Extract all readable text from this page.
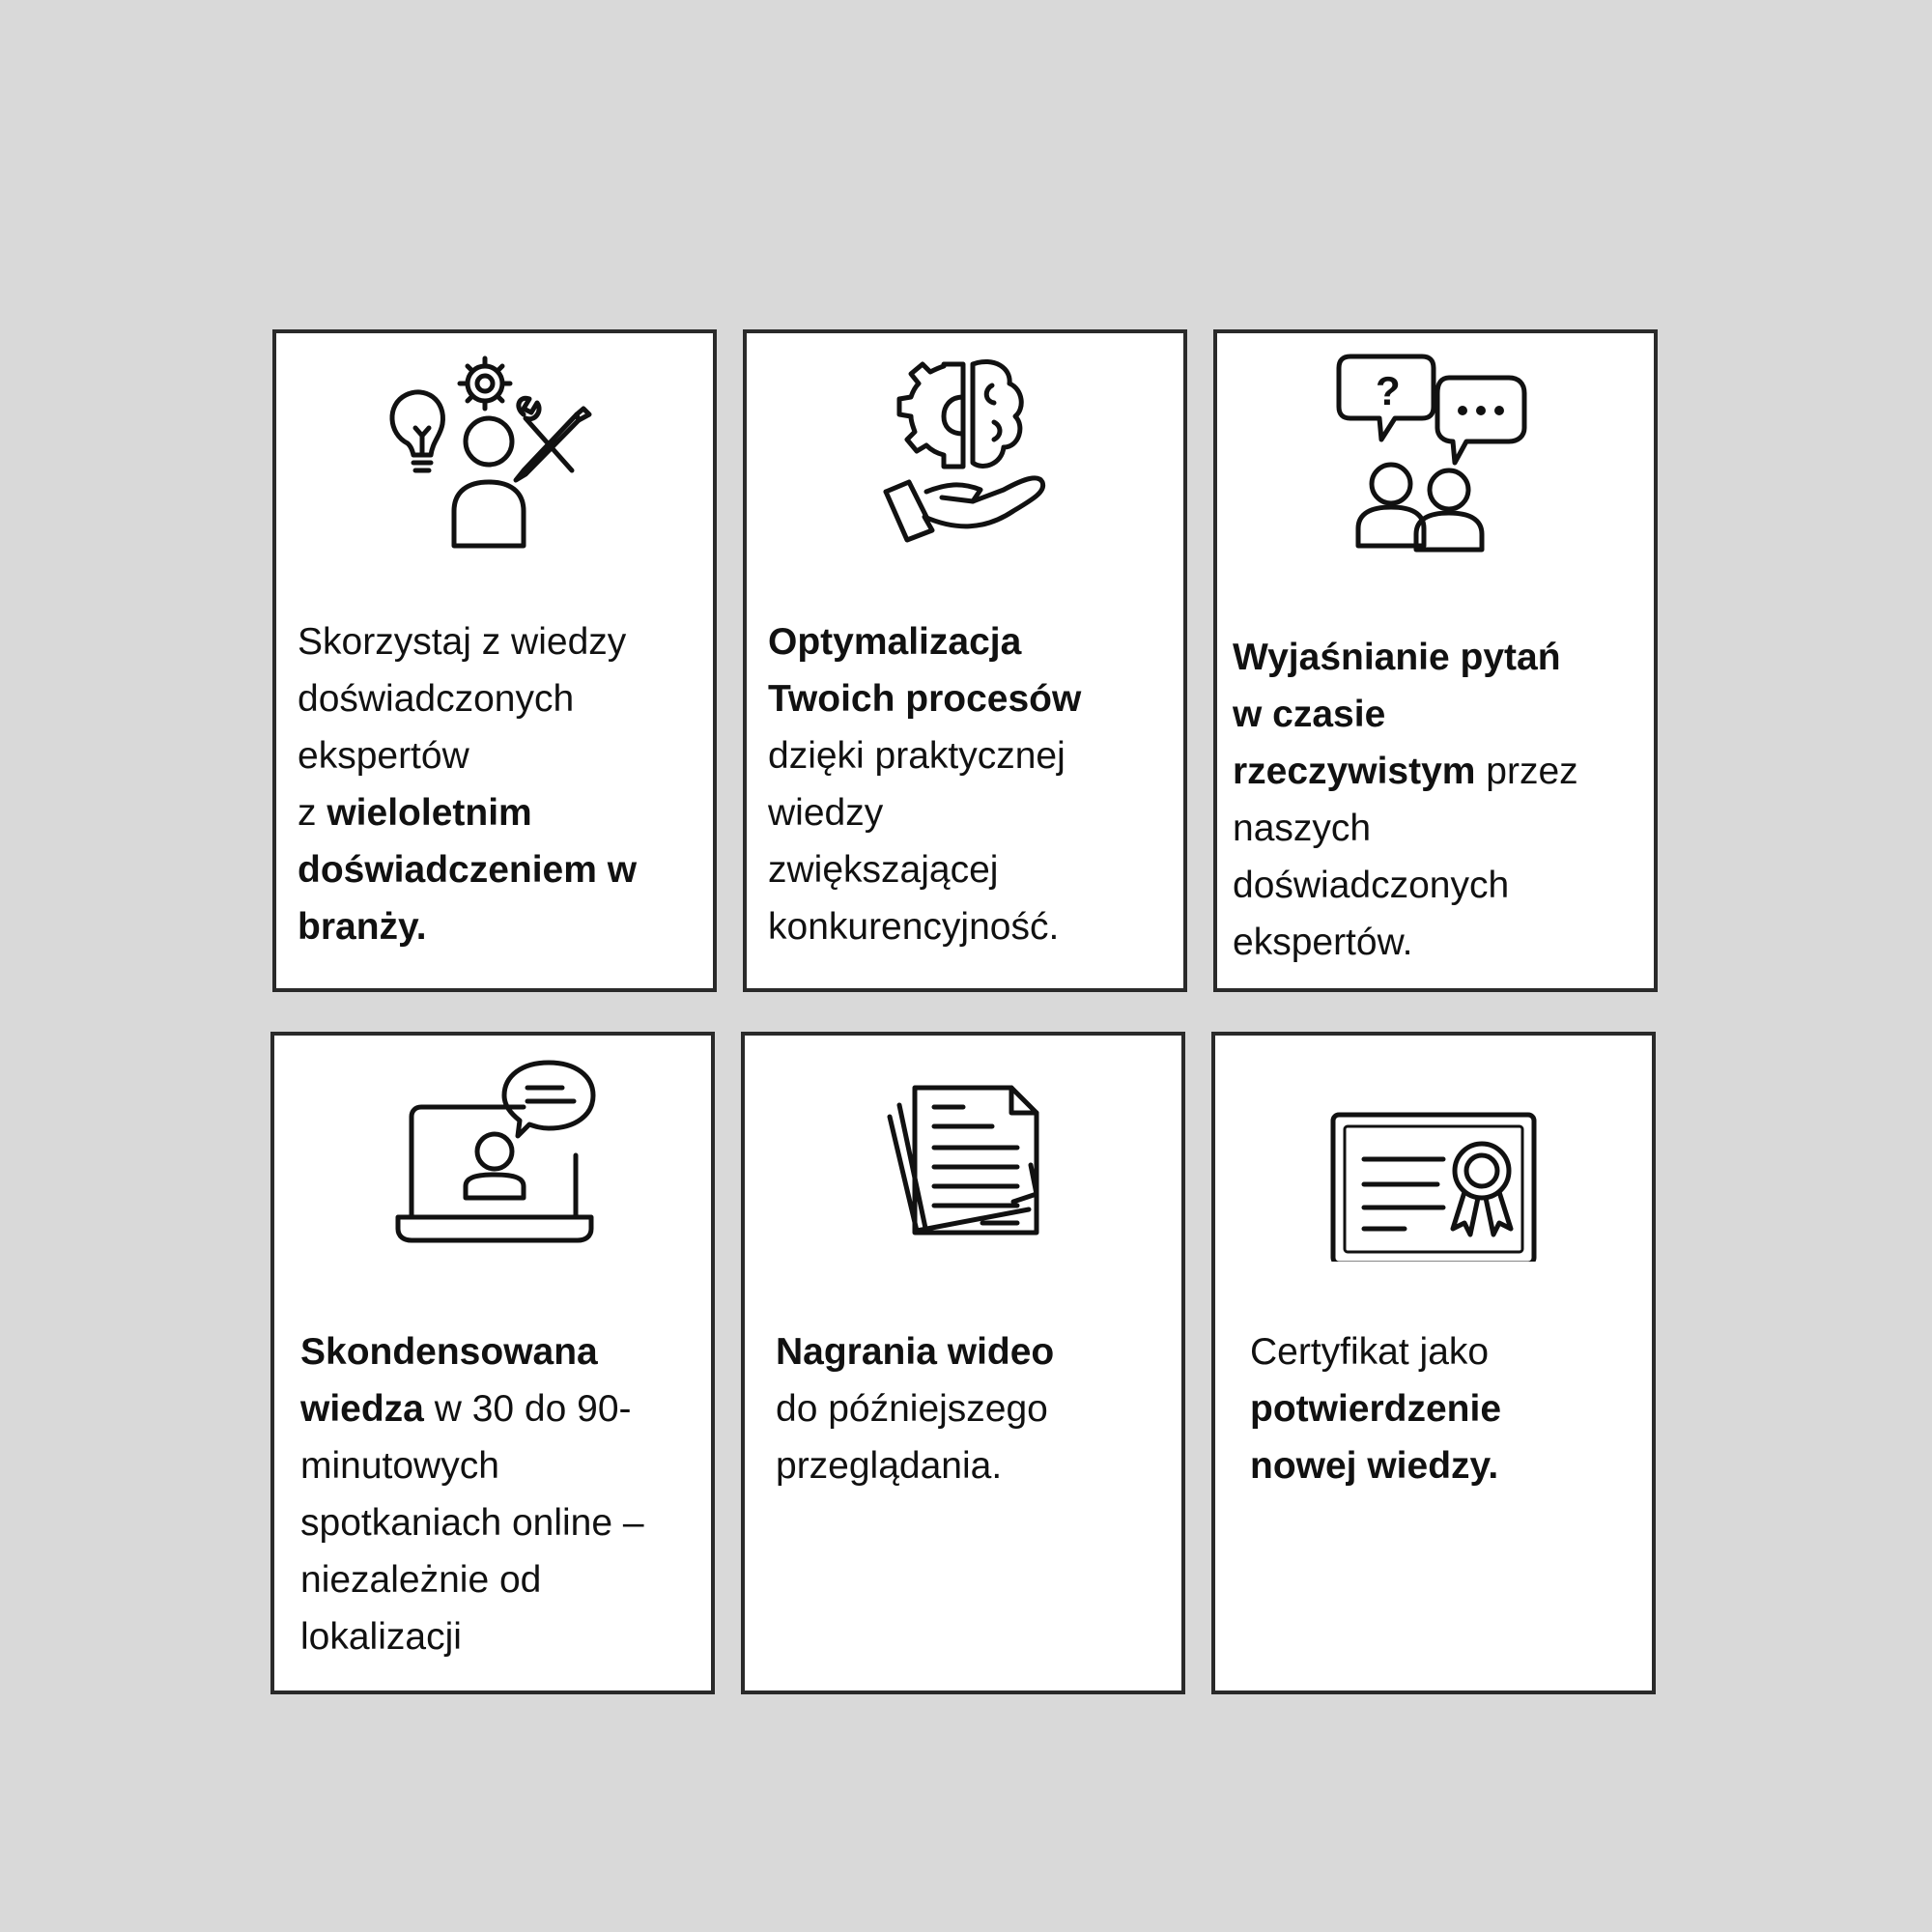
Skorzystaj z wiedzy
doświadczonych
ekspertów
z wieloletnim
doświadczeniem w
branży.
Optymalizacja
Twoich procesów
dzięki praktycznej
wiedzy
zwiększającej
konkurencyjność.
?
Wyjaśnianie pytań
w czasie
rzeczywistym przez
naszych
doświadczonych
ekspertów.
Skondensowana
wiedza w 30 do 90-
minutowych
spotkaniach online –
niezależnie od
lokalizacji
Nagrania wideo
do późniejszego
przeglądania.
Certyfikat jako
potwierdzenie
nowej wiedzy.
